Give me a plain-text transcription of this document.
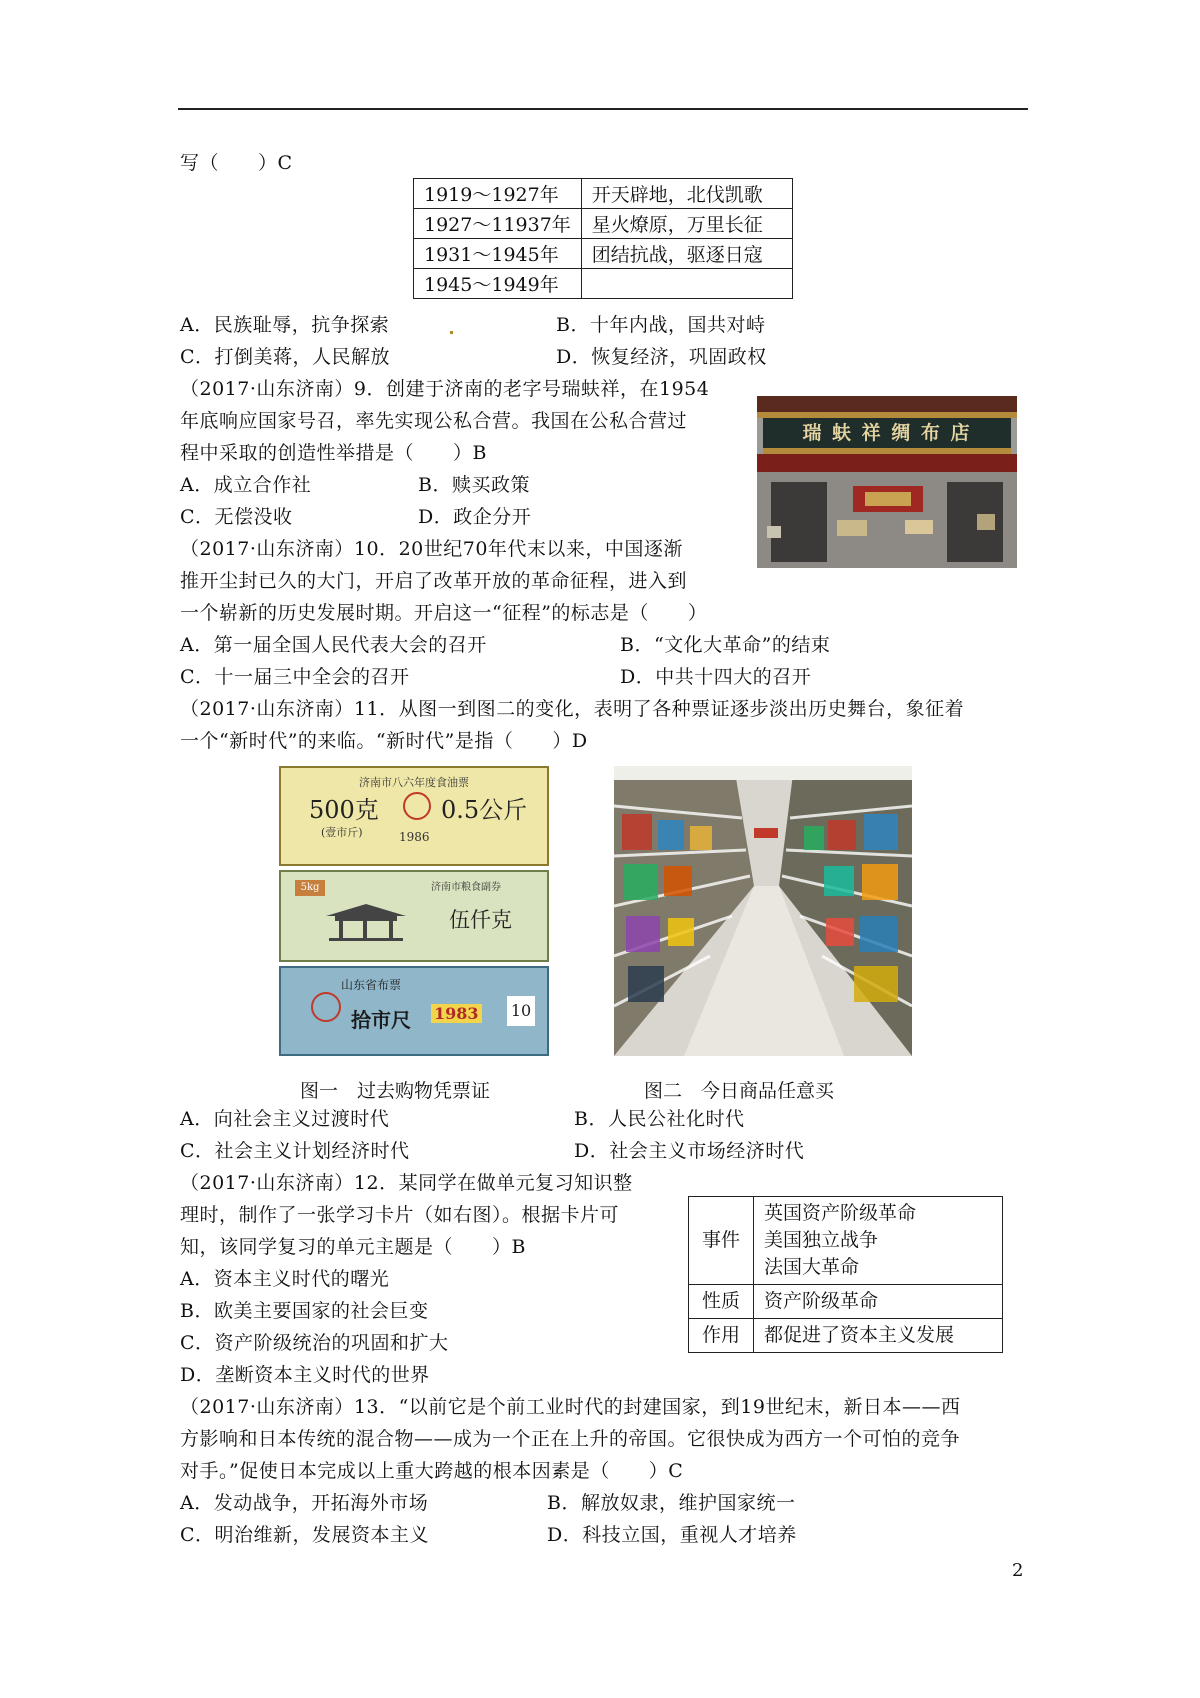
写（　　）C
1919～1927年	开天辟地，北伐凯歌
1927～11937年	星火燎原，万里长征
1931～1945年	团结抗战，驱逐日寇
1945～1949年	
A．民族耻辱，抗争探索	B．十年内战，国共对峙
C．打倒美蒋，人民解放	D．恢复经济，巩固政权
（2017·山东济南）9．创建于济南的老字号瑞蚨祥，在1954
年底响应国家号召，率先实现公私合营。我国在公私合营过
程中采取的创造性举措是（　　）B
A．成立合作社	B．赎买政策
C．无偿没收	D．政企分开
瑞 蚨 祥 绸 布 店
（2017·山东济南）10．20世纪70年代末以来，中国逐渐
推开尘封已久的大门，开启了改革开放的革命征程，进入到
一个崭新的历史发展时期。开启这一“征程”的标志是（　　）
A．第一届全国人民代表大会的召开	B．“文化大革命”的结束
C．十一届三中全会的召开	D．中共十四大的召开
（2017·山东济南）11．从图一到图二的变化，表明了各种票证逐步淡出历史舞台，象征着
一个“新时代”的来临。“新时代”是指（　　）D
济南市八六年度食油票
500克	0.5公斤
(壹市斤)	1986
5kg	济南市粮食副券
伍仟克
山东省布票
拾市尺 1983 10
图一　过去购物凭票证	图二　今日商品任意买
A．向社会主义过渡时代	B．人民公社化时代
C．社会主义计划经济时代	D．社会主义市场经济时代
（2017·山东济南）12．某同学在做单元复习知识整
理时，制作了一张学习卡片（如右图）。根据卡片可
知，该同学复习的单元主题是（　　）B
A．资本主义时代的曙光
B．欧美主要国家的社会巨变
C．资产阶级统治的巩固和扩大
D．垄断资本主义时代的世界
事件	英国资产阶级革命
美国独立战争
法国大革命

性质	资产阶级革命
作用	都促进了资本主义发展
（2017·山东济南）13．“以前它是个前工业时代的封建国家，到19世纪末，新日本——西
方影响和日本传统的混合物——成为一个正在上升的帝国。它很快成为西方一个可怕的竞争
对手。”促使日本完成以上重大跨越的根本因素是（　　）C
A．发动战争，开拓海外市场	B．解放奴隶，维护国家统一
C．明治维新，发展资本主义	D．科技立国，重视人才培养
2
